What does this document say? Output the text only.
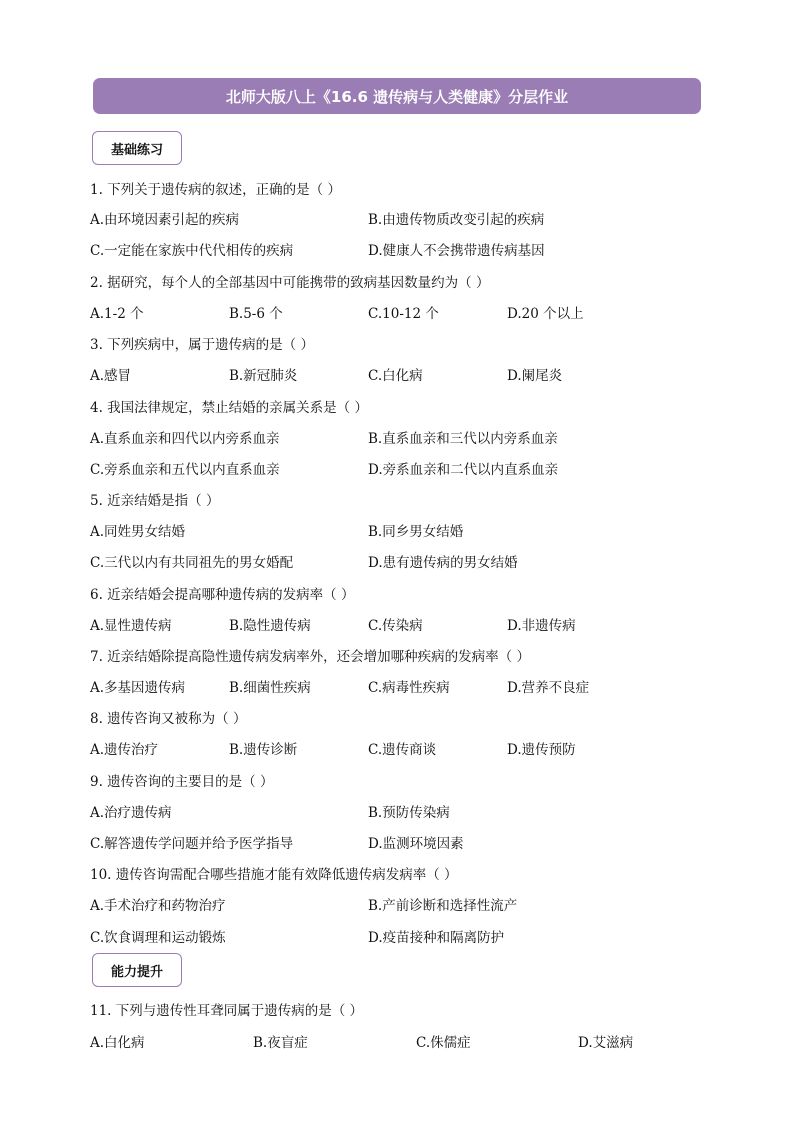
北师大版八上《16.6 遗传病与人类健康》分层作业
基础练习
1. 下列关于遗传病的叙述，正确的是（ ）
A.由环境因素引起的疾病	B.由遗传物质改变引起的疾病
C.一定能在家族中代代相传的疾病	D.健康人不会携带遗传病基因
2. 据研究，每个人的全部基因中可能携带的致病基因数量约为（ ）
A.1-2 个	B.5-6 个	C.10-12 个	D.20 个以上
3. 下列疾病中，属于遗传病的是（ ）
A.感冒	B.新冠肺炎	C.白化病	D.阑尾炎
4. 我国法律规定，禁止结婚的亲属关系是（ ）
A.直系血亲和四代以内旁系血亲	B.直系血亲和三代以内旁系血亲
C.旁系血亲和五代以内直系血亲	D.旁系血亲和二代以内直系血亲
5. 近亲结婚是指（ ）
A.同姓男女结婚	B.同乡男女结婚
C.三代以内有共同祖先的男女婚配	D.患有遗传病的男女结婚
6. 近亲结婚会提高哪种遗传病的发病率（ ）
A.显性遗传病	B.隐性遗传病	C.传染病	D.非遗传病
7. 近亲结婚除提高隐性遗传病发病率外，还会增加哪种疾病的发病率（ ）
A.多基因遗传病	B.细菌性疾病	C.病毒性疾病	D.营养不良症
8. 遗传咨询又被称为（ ）
A.遗传治疗	B.遗传诊断	C.遗传商谈	D.遗传预防
9. 遗传咨询的主要目的是（ ）
A.治疗遗传病	B.预防传染病
C.解答遗传学问题并给予医学指导	D.监测环境因素
10. 遗传咨询需配合哪些措施才能有效降低遗传病发病率（ ）
A.手术治疗和药物治疗	B.产前诊断和选择性流产
C.饮食调理和运动锻炼	D.疫苗接种和隔离防护
能力提升
11. 下列与遗传性耳聋同属于遗传病的是（ ）
A.白化病	B.夜盲症	C.侏儒症	D.艾滋病
